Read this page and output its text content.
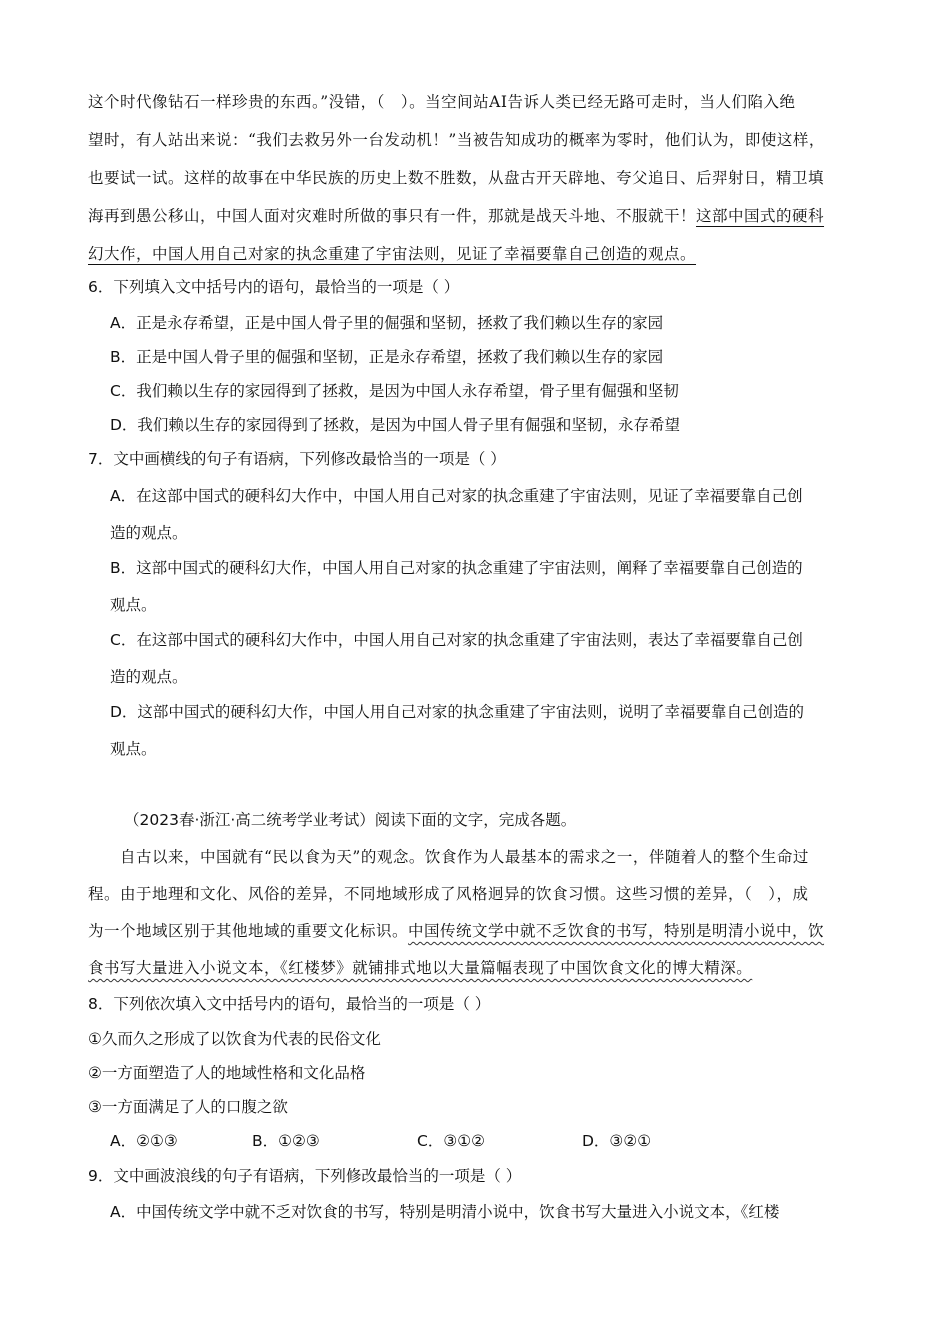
这个时代像钻石一样珍贵的东西。”没错，（　）。当空间站AI告诉人类已经无路可走时，当人们陷入绝
望时，有人站出来说：“我们去救另外一台发动机！”当被告知成功的概率为零时，他们认为，即使这样，
也要试一试。这样的故事在中华民族的历史上数不胜数，从盘古开天辟地、夸父追日、后羿射日，精卫填
海再到愚公移山，中国人面对灾难时所做的事只有一件，那就是战天斗地、不服就干！这部中国式的硬科
幻大作，中国人用自己对家的执念重建了宇宙法则，见证了幸福要靠自己创造的观点。
6．下列填入文中括号内的语句，最恰当的一项是（ ）
A．正是永存希望，正是中国人骨子里的倔强和坚韧，拯救了我们赖以生存的家园
B．正是中国人骨子里的倔强和坚韧，正是永存希望，拯救了我们赖以生存的家园
C．我们赖以生存的家园得到了拯救，是因为中国人永存希望，骨子里有倔强和坚韧
D．我们赖以生存的家园得到了拯救，是因为中国人骨子里有倔强和坚韧，永存希望
7．文中画横线的句子有语病，下列修改最恰当的一项是（ ）
A．在这部中国式的硬科幻大作中，中国人用自己对家的执念重建了宇宙法则，见证了幸福要靠自己创
造的观点。
B．这部中国式的硬科幻大作，中国人用自己对家的执念重建了宇宙法则，阐释了幸福要靠自己创造的
观点。
C．在这部中国式的硬科幻大作中，中国人用自己对家的执念重建了宇宙法则，表达了幸福要靠自己创
造的观点。
D．这部中国式的硬科幻大作，中国人用自己对家的执念重建了宇宙法则，说明了幸福要靠自己创造的
观点。
（2023春·浙江·高二统考学业考试）阅读下面的文字，完成各题。
自古以来，中国就有“民以食为天”的观念。饮食作为人最基本的需求之一，伴随着人的整个生命过
程。由于地理和文化、风俗的差异，不同地域形成了风格迥异的饮食习惯。这些习惯的差异，（　），成
为一个地域区别于其他地域的重要文化标识。中国传统文学中就不乏饮食的书写，特别是明清小说中，饮
食书写大量进入小说文本，《红楼梦》就铺排式地以大量篇幅表现了中国饮食文化的博大精深。
8．下列依次填入文中括号内的语句，最恰当的一项是（ ）
①久而久之形成了以饮食为代表的民俗文化
②一方面塑造了人的地域性格和文化品格
③一方面满足了人的口腹之欲
A．②①③	B．①②③	C．③①②	D．③②①
9．文中画波浪线的句子有语病，下列修改最恰当的一项是（ ）
A．中国传统文学中就不乏对饮食的书写，特别是明清小说中，饮食书写大量进入小说文本，《红楼
